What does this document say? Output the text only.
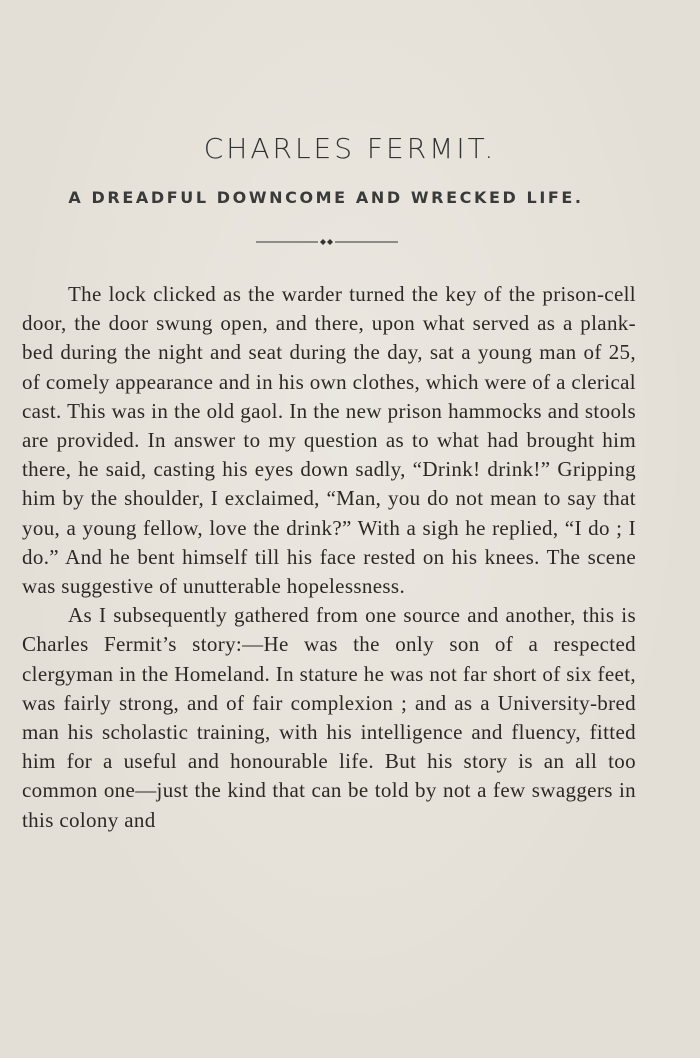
CHARLES FERMIT.
A DREADFUL DOWNCOME AND WRECKED LIFE.

The lock clicked as the warder turned the key of the prison-cell door, the door swung open, and there, upon what served as a plank-bed during the night and seat during the day, sat a young man of 25, of comely appearance and in his own clothes, which were of a clerical cast. This was in the old gaol. In the new prison hammocks and stools are provided. In answer to my question as to what had brought him there, he said, casting his eyes down sadly, “Drink! drink!” Gripping him by the shoulder, I exclaimed, “Man, you do not mean to say that you, a young fellow, love the drink?” With a sigh he replied, “I do ; I do.” And he bent himself till his face rested on his knees. The scene was suggestive of unutterable hopelessness.

As I subsequently gathered from one source and another, this is Charles Fermit’s story:—He was the only son of a respected clergyman in the Homeland. In stature he was not far short of six feet, was fairly strong, and of fair complexion ; and as a University-bred man his scholastic training, with his intelligence and fluency, fitted him for a useful and honourable life. But his story is an all too common one—just the kind that can be told by not a few swaggers in this colony and
